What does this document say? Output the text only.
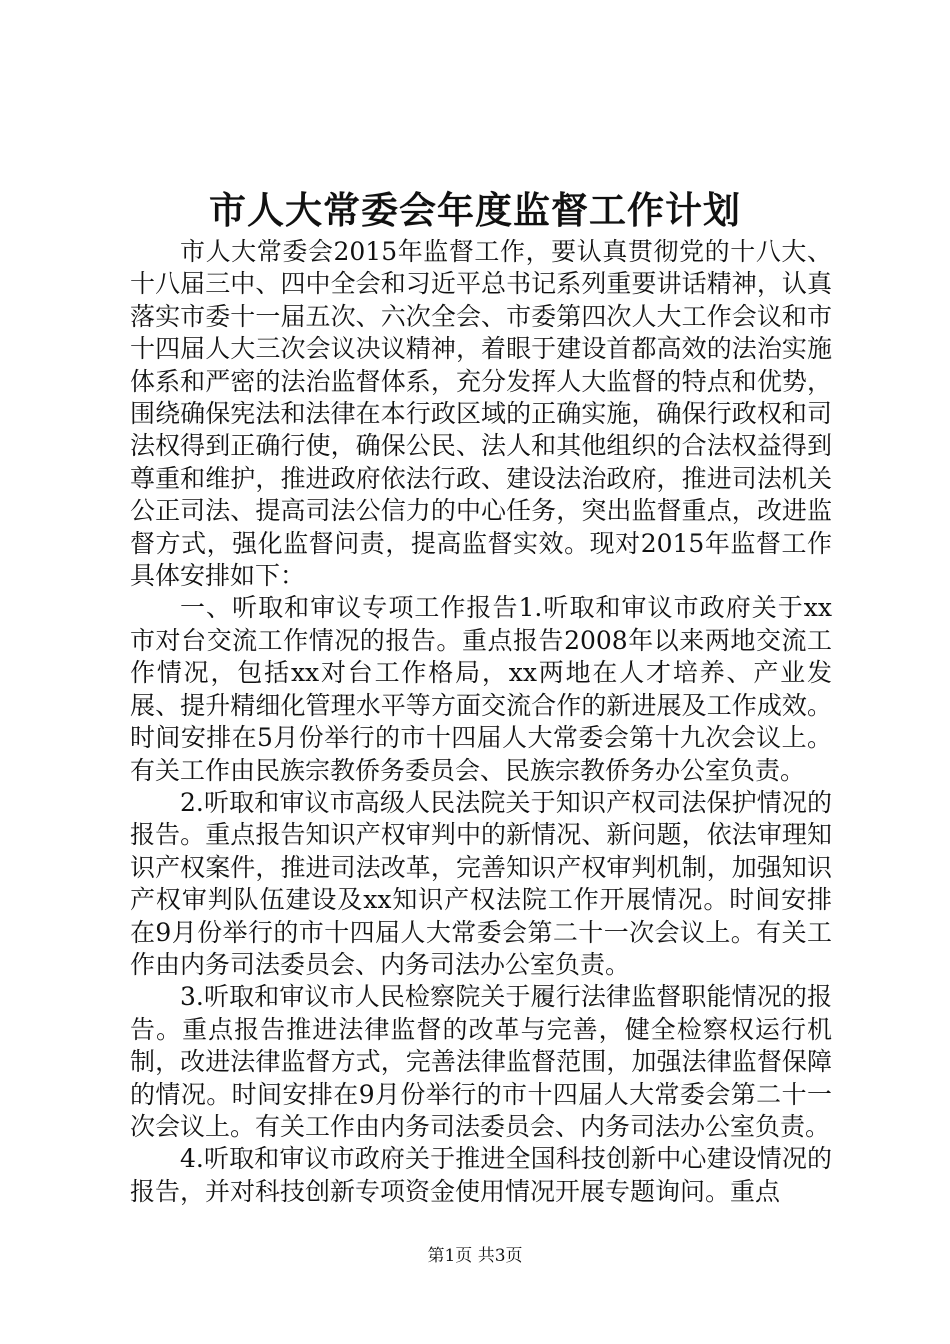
市人大常委会年度监督工作计划

市人大常委会2015年监督工作，要认真贯彻党的十八大、十八届三中、四中全会和习近平总书记系列重要讲话精神，认真落实市委十一届五次、六次全会、市委第四次人大工作会议和市十四届人大三次会议决议精神，着眼于建设首都高效的法治实施体系和严密的法治监督体系，充分发挥人大监督的特点和优势，围绕确保宪法和法律在本行政区域的正确实施，确保行政权和司法权得到正确行使，确保公民、法人和其他组织的合法权益得到尊重和维护，推进政府依法行政、建设法治政府，推进司法机关公正司法、提高司法公信力的中心任务，突出监督重点，改进监督方式，强化监督问责，提高监督实效。现对2015年监督工作具体安排如下：

一、听取和审议专项工作报告1.听取和审议市政府关于xx市对台交流工作情况的报告。重点报告2008年以来两地交流工作情况，包括xx对台工作格局，xx两地在人才培养、产业发展、提升精细化管理水平等方面交流合作的新进展及工作成效。时间安排在5月份举行的市十四届人大常委会第十九次会议上。有关工作由民族宗教侨务委员会、民族宗教侨务办公室负责。

2.听取和审议市高级人民法院关于知识产权司法保护情况的报告。重点报告知识产权审判中的新情况、新问题，依法审理知识产权案件，推进司法改革，完善知识产权审判机制，加强知识产权审判队伍建设及xx知识产权法院工作开展情况。时间安排在9月份举行的市十四届人大常委会第二十一次会议上。有关工作由内务司法委员会、内务司法办公室负责。

3.听取和审议市人民检察院关于履行法律监督职能情况的报告。重点报告推进法律监督的改革与完善，健全检察权运行机制，改进法律监督方式，完善法律监督范围，加强法律监督保障的情况。时间安排在9月份举行的市十四届人大常委会第二十一次会议上。有关工作由内务司法委员会、内务司法办公室负责。

4.听取和审议市政府关于推进全国科技创新中心建设情况的报告，并对科技创新专项资金使用情况开展专题询问。重点

第1页 共3页
